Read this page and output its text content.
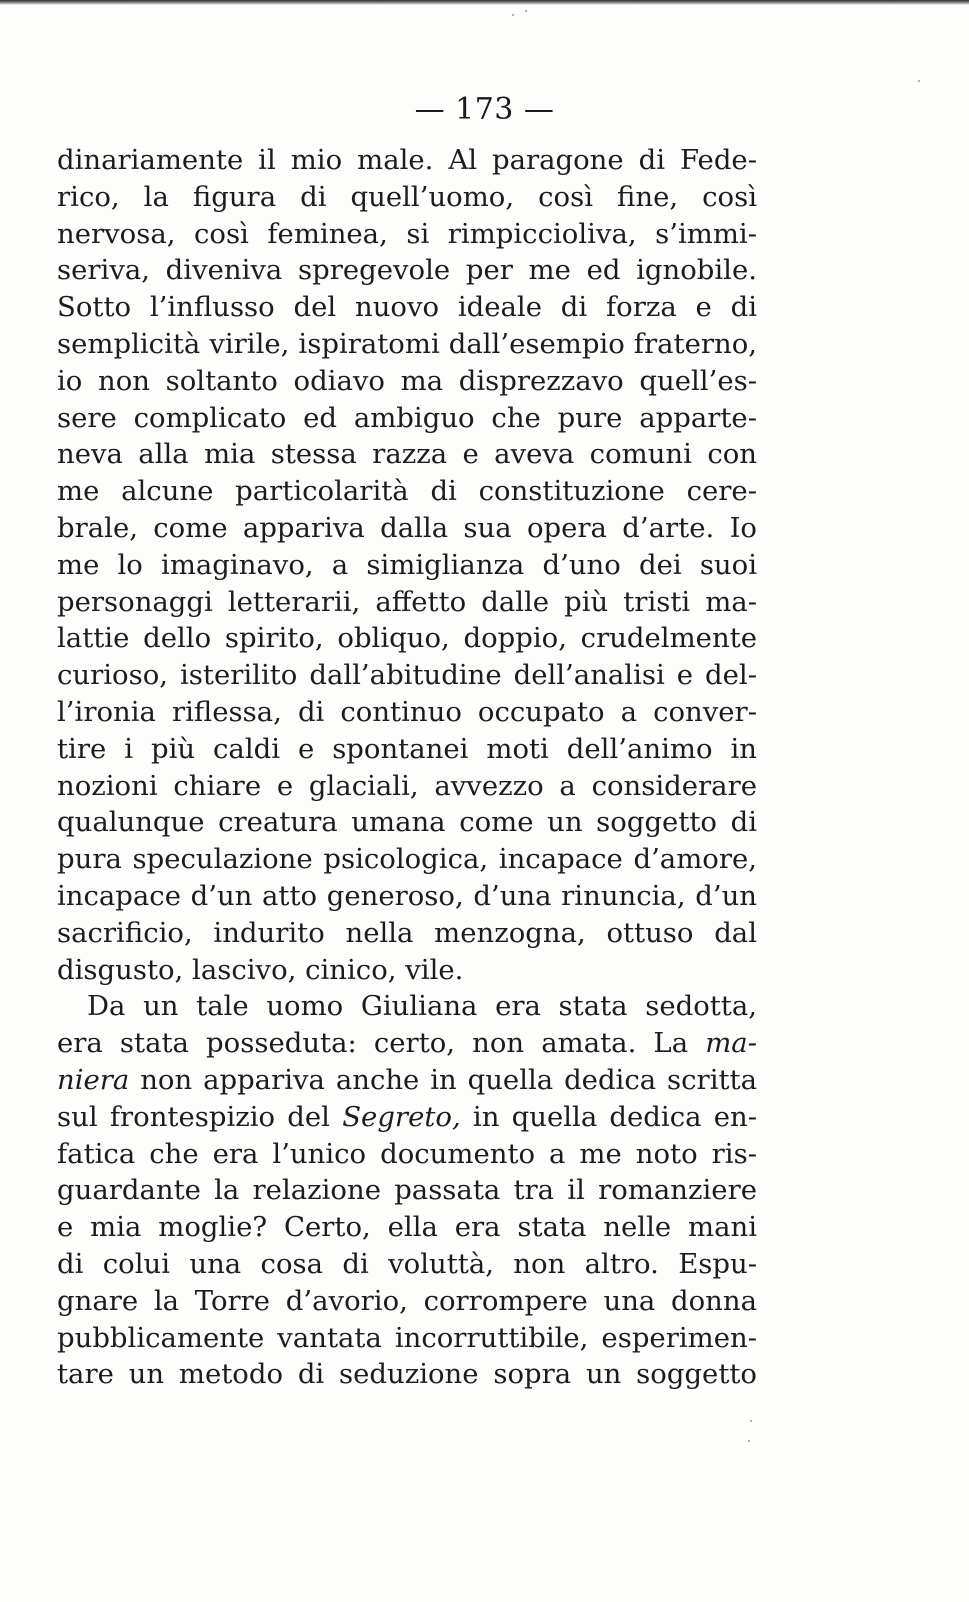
— 173 —
dinariamente il mio male. Al paragone di Fede-
rico, la figura di quell’uomo, così fine, così
nervosa, così feminea, si rimpiccioliva, s’immi-
seriva, diveniva spregevole per me ed ignobile.
Sotto l’influsso del nuovo ideale di forza e di
semplicità virile, ispiratomi dall’esempio fraterno,
io non soltanto odiavo ma disprezzavo quell’es-
sere complicato ed ambiguo che pure apparte-
neva alla mia stessa razza e aveva comuni con
me alcune particolarità di constituzione cere-
brale, come appariva dalla sua opera d’arte. Io
me lo imaginavo, a simiglianza d’uno dei suoi
personaggi letterarii, affetto dalle più tristi ma-
lattie dello spirito, obliquo, doppio, crudelmente
curioso, isterilito dall’abitudine dell’analisi e del-
l’ironia riflessa, di continuo occupato a conver-
tire i più caldi e spontanei moti dell’animo in
nozioni chiare e glaciali, avvezzo a considerare
qualunque creatura umana come un soggetto di
pura speculazione psicologica, incapace d’amore,
incapace d’un atto generoso, d’una rinuncia, d’un
sacrificio, indurito nella menzogna, ottuso dal
disgusto, lascivo, cinico, vile.
Da un tale uomo Giuliana era stata sedotta,
era stata posseduta: certo, non amata. La ma-
niera non appariva anche in quella dedica scritta
sul frontespizio del Segreto, in quella dedica en-
fatica che era l’unico documento a me noto ris-
guardante la relazione passata tra il romanziere
e mia moglie? Certo, ella era stata nelle mani
di colui una cosa di voluttà, non altro. Espu-
gnare la Torre d’avorio, corrompere una donna
pubblicamente vantata incorruttibile, esperimen-
tare un metodo di seduzione sopra un soggetto
